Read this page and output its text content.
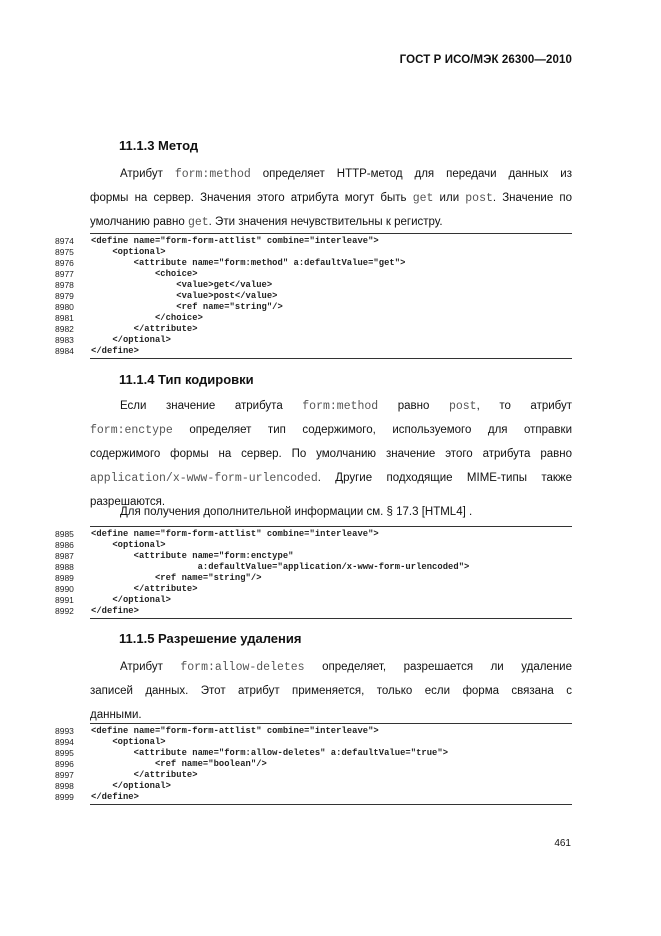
ГОСТ Р ИСО/МЭК 26300—2010
11.1.3 Метод
Атрибут form:method определяет HTTP-метод для передачи данных из
формы на сервер. Значения этого атрибута могут быть get или post. Значение по
умолчанию равно get. Эти значения нечувствительны к регистру.
8974	<define name="form-form-attlist" combine="interleave">
8975	<optional>
8976	<attribute name="form:method" a:defaultValue="get">
8977	<choice>
8978	<value>get</value>
8979	<value>post</value>
8980	<ref name="string"/>
8981	</choice>
8982	</attribute>
8983	</optional>
8984	</define>
11.1.4 Тип кодировки
Если значение атрибута form:method равно post, то атрибут
form:enctype определяет тип содержимого, используемого для отправки
содержимого формы на сервер. По умолчанию значение этого атрибута равно
application/x-www-form-urlencoded. Другие подходящие MIME-типы также
разрешаются.
Для получения дополнительной информации см. § 17.3 [HTML4] .
8985	<define name="form-form-attlist" combine="interleave">
8986	<optional>
8987	<attribute name="form:enctype"
8988	a:defaultValue="application/x-www-form-urlencoded">
8989	<ref name="string"/>
8990	</attribute>
8991	</optional>
8992	</define>
11.1.5 Разрешение удаления
Атрибут form:allow-deletes определяет, разрешается ли удаление
записей данных. Этот атрибут применяется, только если форма связана с
данными.
8993	<define name="form-form-attlist" combine="interleave">
8994	<optional>
8995	<attribute name="form:allow-deletes" a:defaultValue="true">
8996	<ref name="boolean"/>
8997	</attribute>
8998	</optional>
8999	</define>
461
